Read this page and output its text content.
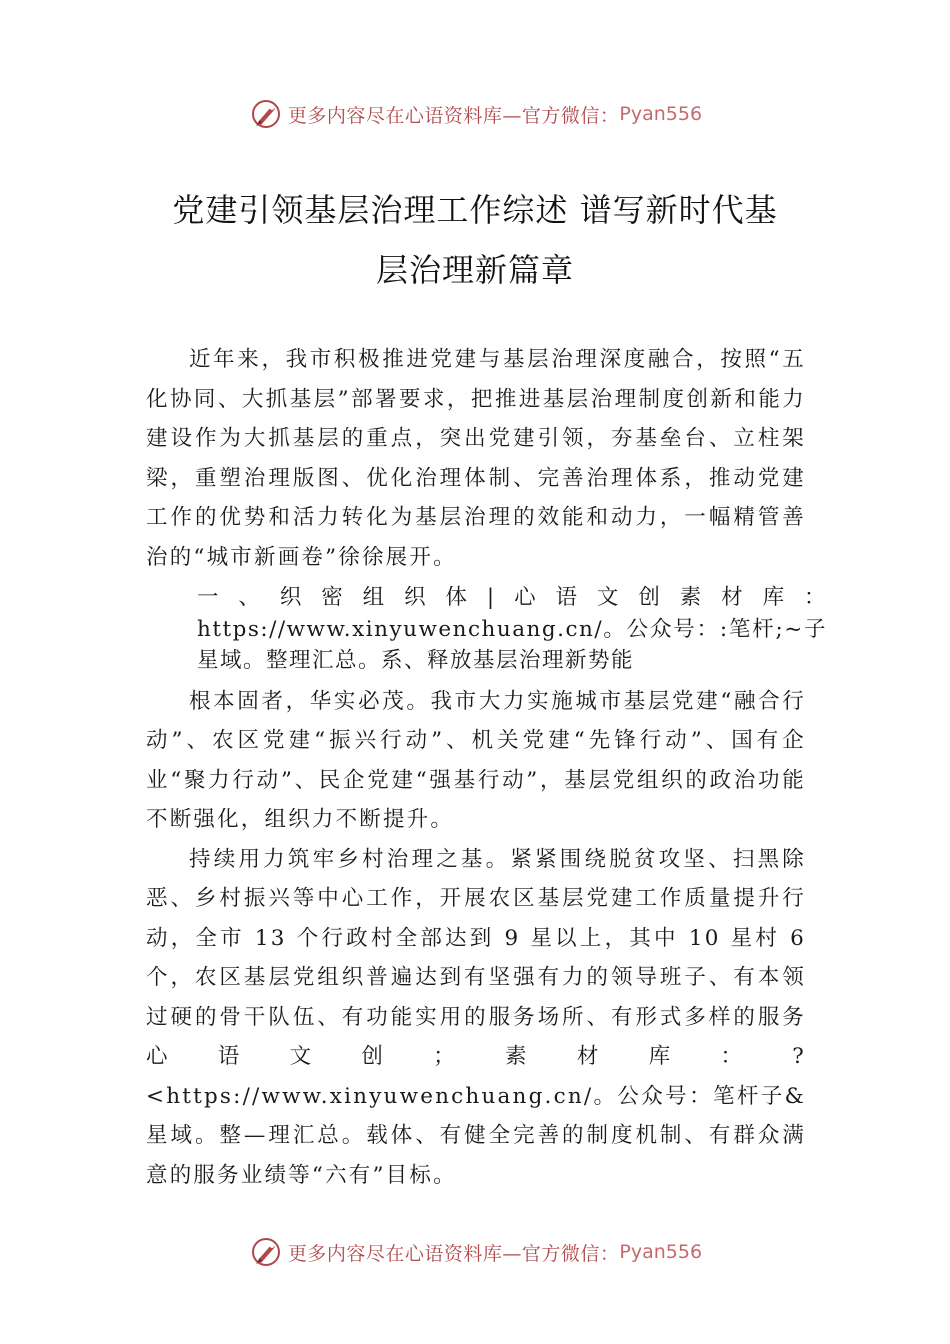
更多内容尽在心语资料库—官方微信： Pyan556
党建引领基层治理工作综述 谱写新时代基
层治理新篇章

近年来，我市积极推进党建与基层治理深度融合，按照“五化协同、大抓基层”部署要求，把推进基层治理制度创新和能力建设作为大抓基层的重点，突出党建引领，夯基垒台、立柱架梁，重塑治理版图、优化治理体制、完善治理体系，推动党建工作的优势和活力转化为基层治理的效能和动力，一幅精管善治的“城市新画卷”徐徐展开。

一、织密组织体|心语文创素材库：https://www.xinyuwenchuang.cn/。公众号：:笔杆;~子星域。整理汇总。系、释放基层治理新势能

根本固者，华实必茂。我市大力实施城市基层党建“融合行动”、农区党建“振兴行动”、机关党建“先锋行动”、国有企业“聚力行动”、民企党建“强基行动”，基层党组织的政治功能不断强化，组织力不断提升。

持续用力筑牢乡村治理之基。紧紧围绕脱贫攻坚、扫黑除恶、乡村振兴等中心工作，开展农区基层党建工作质量提升行动，全市 13 个行政村全部达到 9 星以上，其中 10 星村 6 个，农区基层党组织普遍达到有坚强有力的领导班子、有本领过硬的骨干队伍、有功能实用的服务场所、有形式多样的服务心语文创；素材库：?<https://www.xinyuwenchuang.cn/。公众号：笔杆子&星域。整—理汇总。载体、有健全完善的制度机制、有群众满意的服务业绩等“六有”目标。

更多内容尽在心语资料库—官方微信： Pyan556
